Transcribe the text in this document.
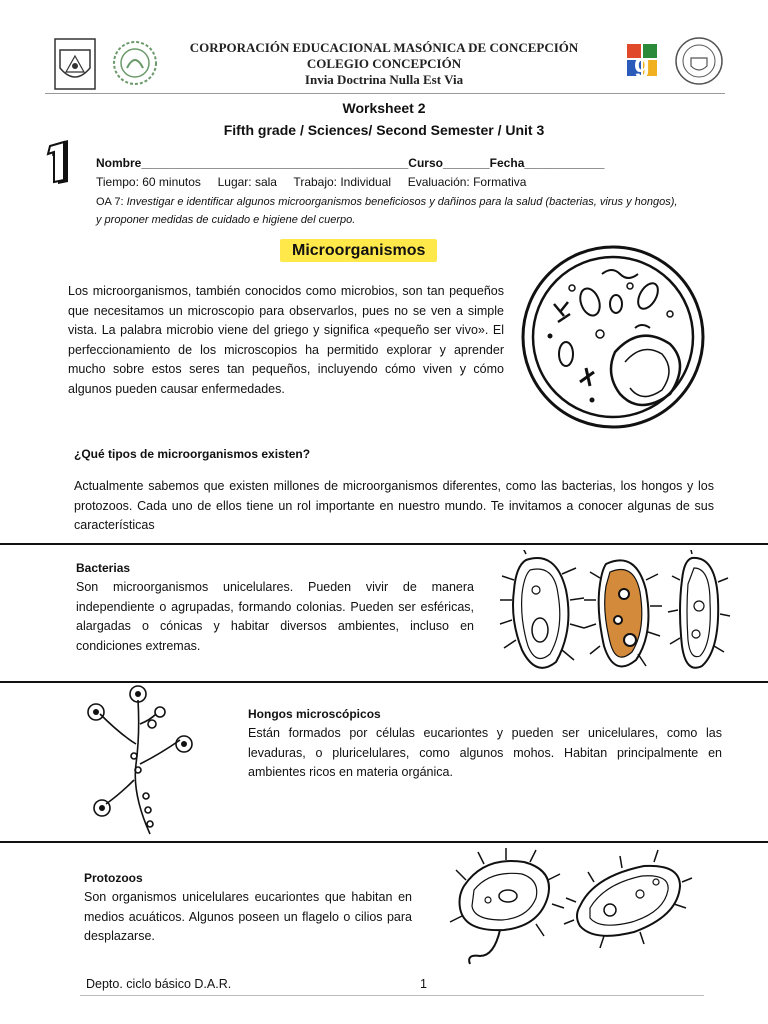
g
CORPORACIÓN EDUCACIONAL MASÓNICA DE CONCEPCIÓN
COLEGIO CONCEPCIÓN
Invia Doctrina Nulla Est Via
Worksheet 2
Fifth grade / Sciences/ Second Semester / Unit 3
Nombre________________________________________Curso_______Fecha____________
Tiempo: 60 minutos     Lugar: sala     Trabajo: Individual     Evaluación: Formativa
OA 7: Investigar e identificar algunos microorganismos beneficiosos y dañinos para la salud (bacterias, virus y hongos), y proponer medidas de cuidado e higiene del cuerpo.
Microorganismos

Los microorganismos, también conocidos como microbios, son tan pequeños que necesitamos un microscopio para observarlos, pues no se ven a simple vista. La palabra microbio viene del griego y significa «pequeño ser vivo». El perfeccionamiento de los microscopios ha permitido explorar y aprender mucho sobre estos seres tan pequeños, incluyendo cómo viven y cómo algunos pueden causar enfermedades.

¿Qué tipos de microorganismos existen?

Actualmente sabemos que existen millones de microorganismos diferentes, como las bacterias, los hongos y los protozoos. Cada uno de ellos tiene un rol importante en nuestro mundo. Te invitamos a conocer algunas de sus características

Bacterias

Son microorganismos unicelulares. Pueden vivir de manera independiente o agrupadas, formando colonias. Pueden ser esféricas, alargadas o cónicas y habitar diversos ambientes, incluso en condiciones extremas.

Hongos microscópicos

Están formados por células eucariontes y pueden ser unicelulares, como las levaduras, o pluricelulares, como algunos mohos. Habitan principalmente en ambientes ricos en materia orgánica.

Protozoos

Son organismos unicelulares eucariontes que habitan en medios acuáticos. Algunos poseen un flagelo o cilios para desplazarse.

Depto. ciclo básico D.A.R.	1
